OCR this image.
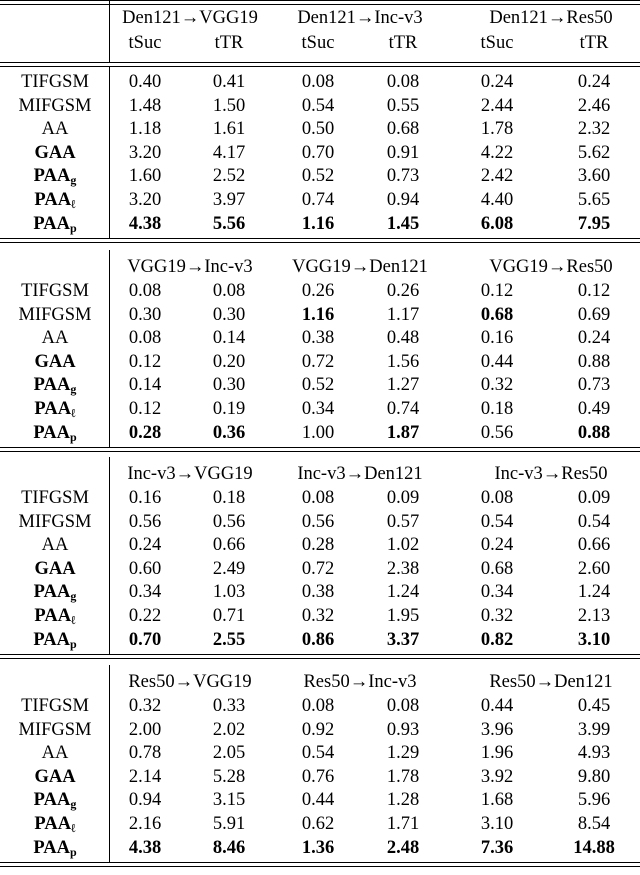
Den121→VGG19	Den121→Inc-v3	Den121→Res50
tSuc	tTR	tSuc	tTR	tSuc	tTR
TIFGSM	0.40	0.41	0.08	0.08	0.24	0.24
MIFGSM	1.48	1.50	0.54	0.55	2.44	2.46
AA	1.18	1.61	0.50	0.68	1.78	2.32
GAA	3.20	4.17	0.70	0.91	4.22	5.62
$PAA_g$	1.60	2.52	0.52	0.73	2.42	3.60
$PAA_\ell$	3.20	3.97	0.74	0.94	4.40	5.65
$PAA_p$	4.38	5.56	1.16	1.45	6.08	7.95
VGG19→Inc-v3	VGG19→Den121	VGG19→Res50
TIFGSM	0.08	0.08	0.26	0.26	0.12	0.12
MIFGSM	0.30	0.30	1.16	1.17	0.68	0.69
AA	0.08	0.14	0.38	0.48	0.16	0.24
GAA	0.12	0.20	0.72	1.56	0.44	0.88
$PAA_g$	0.14	0.30	0.52	1.27	0.32	0.73
$PAA_\ell$	0.12	0.19	0.34	0.74	0.18	0.49
$PAA_p$	0.28	0.36	1.00	1.87	0.56	0.88
Inc-v3→VGG19	Inc-v3→Den121	Inc-v3→Res50
TIFGSM	0.16	0.18	0.08	0.09	0.08	0.09
MIFGSM	0.56	0.56	0.56	0.57	0.54	0.54
AA	0.24	0.66	0.28	1.02	0.24	0.66
GAA	0.60	2.49	0.72	2.38	0.68	2.60
$PAA_g$	0.34	1.03	0.38	1.24	0.34	1.24
$PAA_\ell$	0.22	0.71	0.32	1.95	0.32	2.13
$PAA_p$	0.70	2.55	0.86	3.37	0.82	3.10
Res50→VGG19	Res50→Inc-v3	Res50→Den121
TIFGSM	0.32	0.33	0.08	0.08	0.44	0.45
MIFGSM	2.00	2.02	0.92	0.93	3.96	3.99
AA	0.78	2.05	0.54	1.29	1.96	4.93
GAA	2.14	5.28	0.76	1.78	3.92	9.80
$PAA_g$	0.94	3.15	0.44	1.28	1.68	5.96
$PAA_\ell$	2.16	5.91	0.62	1.71	3.10	8.54
$PAA_p$	4.38	8.46	1.36	2.48	7.36	14.88
